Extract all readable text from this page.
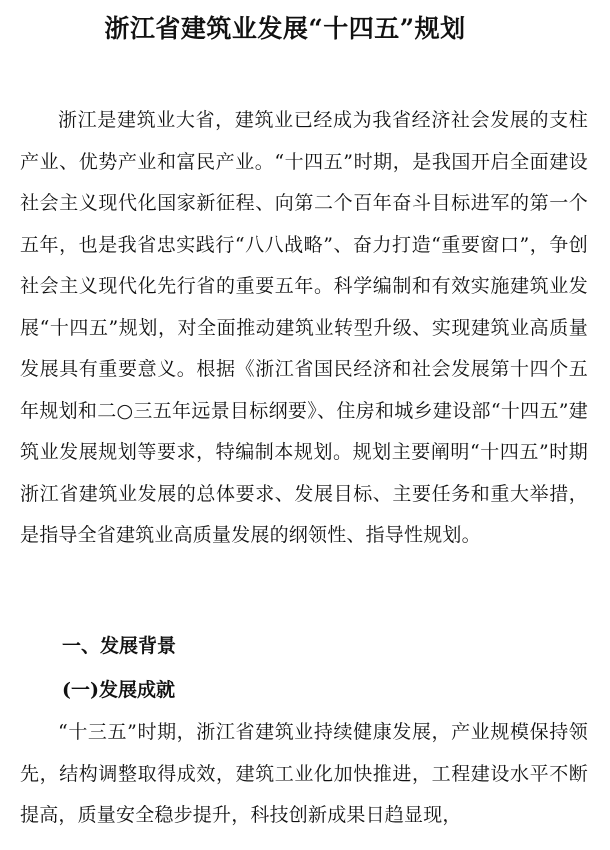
浙江省建筑业发展“十四五”规划

浙江是建筑业大省，建筑业已经成为我省经济社会发展的支柱产业、优势产业和富民产业。“十四五”时期，是我国开启全面建设社会主义现代化国家新征程、向第二个百年奋斗目标进军的第一个五年，也是我省忠实践行“八八战略”、奋力打造“重要窗口”，争创社会主义现代化先行省的重要五年。科学编制和有效实施建筑业发展“十四五”规划，对全面推动建筑业转型升级、实现建筑业高质量发展具有重要意义。根据《浙江省国民经济和社会发展第十四个五年规划和二○三五年远景目标纲要》、住房和城乡建设部“十四五”建筑业发展规划等要求，特编制本规划。规划主要阐明“十四五”时期浙江省建筑业发展的总体要求、发展目标、主要任务和重大举措，是指导全省建筑业高质量发展的纲领性、指导性规划。

一、发展背景
(一)发展成就

“十三五”时期，浙江省建筑业持续健康发展，产业规模保持领先，结构调整取得成效，建筑工业化加快推进，工程建设水平不断提高，质量安全稳步提升，科技创新成果日趋显现，
